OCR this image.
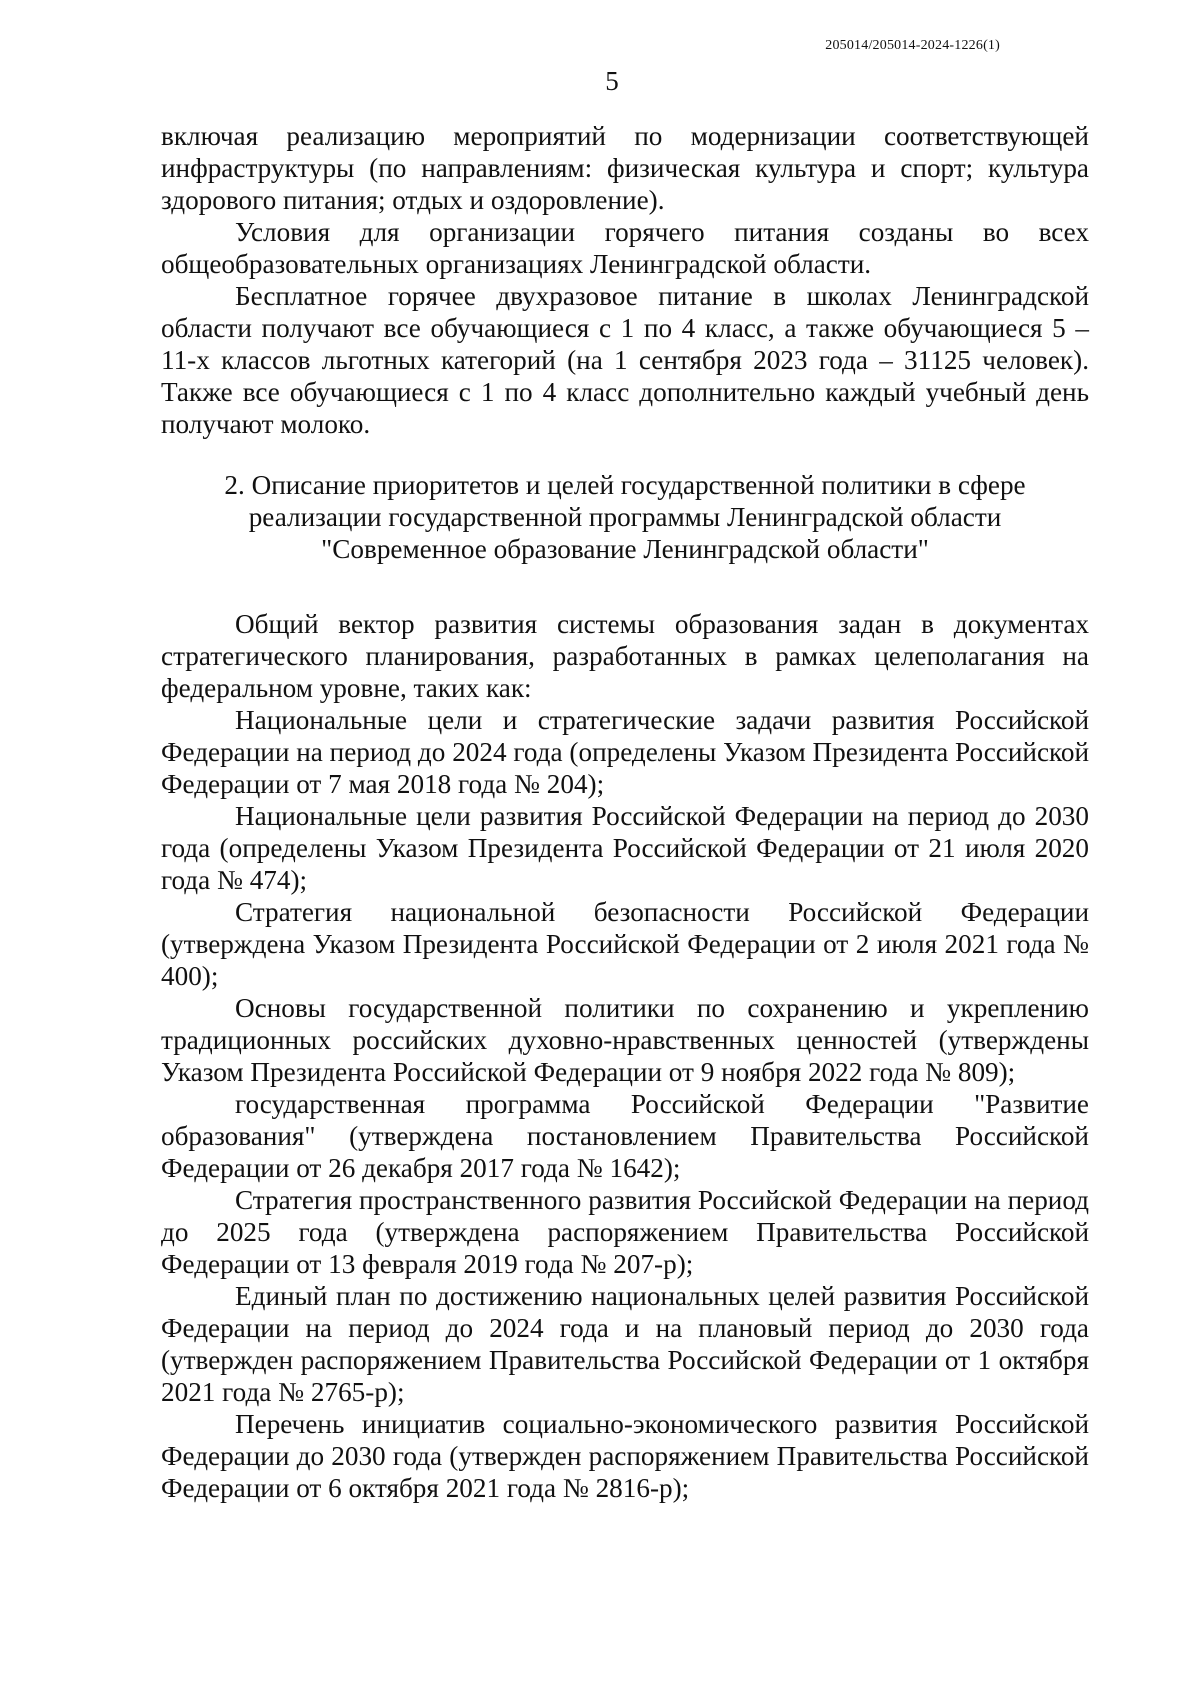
205014/205014-2024-1226(1)
5

включая реализацию мероприятий по модернизации соответствующей инфраструктуры (по направлениям: физическая культура и спорт; культура здорового питания; отдых и оздоровление).

Условия для организации горячего питания созданы во всех общеобразовательных организациях Ленинградской области.

Бесплатное горячее двухразовое питание в школах Ленинградской области получают все обучающиеся с 1 по 4 класс, а также обучающиеся 5 – 11-х классов льготных категорий (на 1 сентября 2023 года – 31125 человек). Также все обучающиеся с 1 по 4 класс дополнительно каждый учебный день получают молоко.

2. Описание приоритетов и целей государственной политики в сфере
реализации государственной программы Ленинградской области
"Современное образование Ленинградской области"

Общий вектор развития системы образования задан в документах стратегического планирования, разработанных в рамках целеполагания на федеральном уровне, таких как:

Национальные цели и стратегические задачи развития Российской Федерации на период до 2024 года (определены Указом Президента Российской Федерации от 7 мая 2018 года № 204);

Национальные цели развития Российской Федерации на период до 2030 года (определены Указом Президента Российской Федерации от 21 июля 2020 года № 474);

Стратегия национальной безопасности Российской Федерации (утверждена Указом Президента Российской Федерации от 2 июля 2021 года № 400);

Основы государственной политики по сохранению и укреплению традиционных российских духовно-нравственных ценностей (утверждены Указом Президента Российской Федерации от 9 ноября 2022 года № 809);

государственная программа Российской Федерации "Развитие образования" (утверждена постановлением Правительства Российской Федерации от 26 декабря 2017 года № 1642);

Стратегия пространственного развития Российской Федерации на период до 2025 года (утверждена распоряжением Правительства Российской Федерации от 13 февраля 2019 года № 207-р);

Единый план по достижению национальных целей развития Российской Федерации на период до 2024 года и на плановый период до 2030 года (утвержден распоряжением Правительства Российской Федерации от 1 октября 2021 года № 2765-р);

Перечень инициатив социально-экономического развития Российской Федерации до 2030 года (утвержден распоряжением Правительства Российской Федерации от 6 октября 2021 года № 2816-р);
